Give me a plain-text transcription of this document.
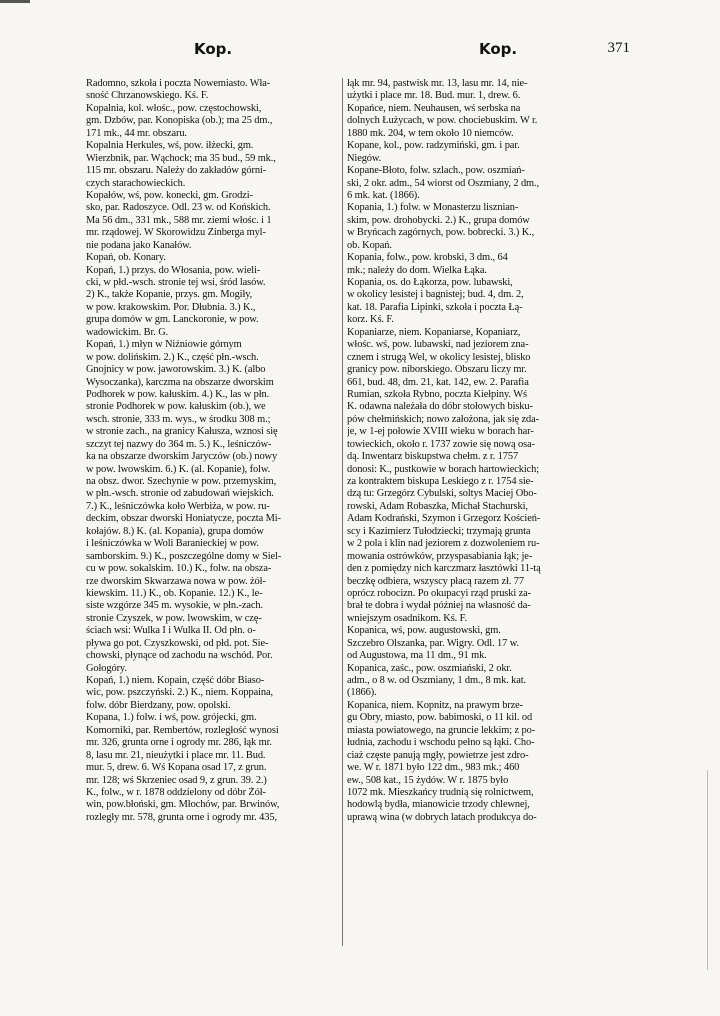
Kop.	Kop.	371
Radomno, szkoła i poczta Nowemiasto. Wła-
sność Chrzanowskiego. Kś. F.
Kopalnia, kol. włośc., pow. częstochowski,
gm. Dzbów, par. Konopiska (ob.); ma 25 dm.,
171 mk., 44 mr. obszaru.
Kopalnia Herkules, wś, pow. iłżecki, gm.
Wierzbnik, par. Wąchock; ma 35 bud., 59 mk.,
115 mr. obszaru. Należy do zakładów górni-
czych starachowieckich.
Kopałów, wś, pow. konecki, gm. Grodzi-
sko, par. Radoszyce. Odl. 23 w. od Końskich.
Ma 56 dm., 331 mk., 588 mr. ziemi włośc. i 1
mr. rządowej. W Skorowidzu Zinberga myl-
nie podana jako Kanałów.
Kopań, ob. Konary.
Kopań, 1.) przys. do Włosania, pow. wieli-
cki, w płd.-wsch. stronie tej wsi, śród lasów.
2) K., także Kopanie, przys. gm. Mogiły,
w pow. krakowskim. Por. Dłubnia. 3.) K.,
grupa domów w gm. Lanckoronie, w pow.
wadowickim. Br. G.
Kopań, 1.) młyn w Niźniowie górnym
w pow. dolińskim. 2.) K., część płn.-wsch.
Gnojnicy w pow. jaworowskim. 3.) K. (albo
Wysoczanka), karczma na obszarze dworskim
Podhorek w pow. kałuskim. 4.) K., las w płn.
stronie Podhorek w pow. kałuskim (ob.), we
wsch. stronie, 333 m. wys., w środku 308 m.;
w stronie zach., na granicy Kałusza, wznosi się
szczyt tej nazwy do 364 m. 5.) K., leśniczów-
ka na obszarze dworskim Jaryczów (ob.) nowy
w pow. lwowskim. 6.) K. (al. Kopanie), folw.
na obsz. dwor. Szechynie w pow. przemyskim,
w płn.-wsch. stronie od zabudowań wiejskich.
7.) K., leśniczówka koło Werbiża, w pow. ru-
deckim, obszar dworski Honiatycze, poczta Mi-
kołajów. 8.) K. (al. Kopania), grupa domów
i leśniczówka w Woli Baranieckiej w pow.
samborskim. 9.) K., poszczególne domy w Siel-
cu w pow. sokalskim. 10.) K., folw. na obsza-
rze dworskim Skwarzawa nowa w pow. żół-
kiewskim. 11.) K., ob. Kopanie. 12.) K., le-
siste wzgórze 345 m. wysokie, w płn.-zach.
stronie Czyszek, w pow. lwowskim, w czę-
ściach wsi: Wulka I i Wulka II. Od płn. o-
pływa go pot. Czyszkowski, od płd. pot. Sie-
chowski, płynące od zachodu na wschód. Por.
Gołogóry.
Kopań, 1.) niem. Kopain, część dóbr Biaso-
wic, pow. pszczyński. 2.) K., niem. Koppaina,
folw. dóbr Bierdzany, pow. opolski.
Kopana, 1.) folw. i wś, pow. grójecki, gm.
Komorniki, par. Rembertów, rozległość wynosi
mr. 326, grunta orne i ogrody mr. 286, łąk mr.
8, lasu mr. 21, nieużytki i place mr. 11. Bud.
mur. 5, drew. 6. Wś Kopana osad 17, z grun.
mr. 128; wś Skrzeniec osad 9, z grun. 39. 2.)
K., folw., w r. 1878 oddzielony od dóbr Żół-
win, pow.błoński, gm. Młochów, par. Brwinów,
rozległy mr. 578, grunta orne i ogrody mr. 435,
łąk mr. 94, pastwisk mr. 13, lasu mr. 14, nie-
użytki i place mr. 18. Bud. mur. 1, drew. 6.
Kopańce, niem. Neuhausen, wś serbska na
dolnych Łużycach, w pow. chociebuskim. W r.
1880 mk. 204, w tem około 10 niemców.
Kopane, kol., pow. radzymiński, gm. i par.
Niegów.
Kopane-Błoto, folw. szlach., pow. oszmiań-
ski, 2 okr. adm., 54 wiorst od Oszmiany, 2 dm.,
6 mk. kat. (1866).
Kopania, 1.) folw. w Monasterzu lisznian-
skim, pow. drohobycki. 2.) K., grupa domów
w Bryńcach zagórnych, pow. bobrecki. 3.) K.,
ob. Kopań.
Kopania, folw., pow. krobski, 3 dm., 64
mk.; należy do dom. Wielka Łąka.
Kopania, os. do Łąkorza, pow. lubawski,
w okolicy lesistej i bagnistej; bud. 4, dm. 2,
kat. 18. Parafia Lipinki, szkoła i poczta Łą-
korz. Kś. F.
Kopaniarze, niem. Kopaniarse, Kopaniarz,
włośc. wś, pow. lubawski, nad jeziorem zna-
cznem i strugą Wel, w okolicy lesistej, blisko
granicy pow. niborskiego. Obszaru liczy mr.
661, bud. 48, dm. 21, kat. 142, ew. 2. Parafia
Rumian, szkoła Rybno, poczta Kiełpiny. Wś
K. odawna należała do dóbr stołowych bisku-
pów chełmińskich; nowo założona, jak się zda-
je, w 1-ej połowie XVIII wieku w borach har-
towieckich, około r. 1737 zowie się nową osa-
dą. Inwentarz biskupstwa chełm. z r. 1757
donosi: K., pustkowie w borach hartowieckich;
za kontraktem biskupa Leskiego z r. 1754 sie-
dzą tu: Grzegórz Cybulski, soltys Maciej Obo-
rowski, Adam Robaszka, Michał Stachurski,
Adam Kodrański, Szymon i Grzegorz Koścień-
scy i Kazimierz Tułodziecki; trzymają grunta
w 2 pola i klin nad jeziorem z dozwoleniem ru-
mowania ostrówków, przyspasabiania łąk; je-
den z pomiędzy nich karczmarz łasztówki 11-tą
beczkę odbiera, wszyscy płacą razem zł. 77
oprócz robocizn. Po okupacyi rząd pruski za-
brał te dobra i wydał później na własność da-
wniejszym osadnikom. Kś. F.
Kopanica, wś, pow. augustowski, gm.
Szczebro Olszanka, par. Wigry. Odl. 17 w.
od Augustowa, ma 11 dm., 91 mk.
Kopanica, zaśc., pow. oszmiański, 2 okr.
adm., o 8 w. od Oszmiany, 1 dm., 8 mk. kat.
(1866).
Kopanica, niem. Kopnitz, na prawym brze-
gu Obry, miasto, pow. babimoski, o 11 kil. od
miasta powiatowego, na gruncie lekkim; z po-
łudnia, zachodu i wschodu pełno są łąki. Cho-
ciaż częste panują mgły, powietrze jest zdro-
we. W r. 1871 było 122 dm., 983 mk.; 460
ew., 508 kat., 15 żydów. W r. 1875 było
1072 mk. Mieszkańcy trudnią się rolnictwem,
hodowlą bydła, mianowicie trzody chlewnej,
uprawą wina (w dobrych latach produkcya do-
